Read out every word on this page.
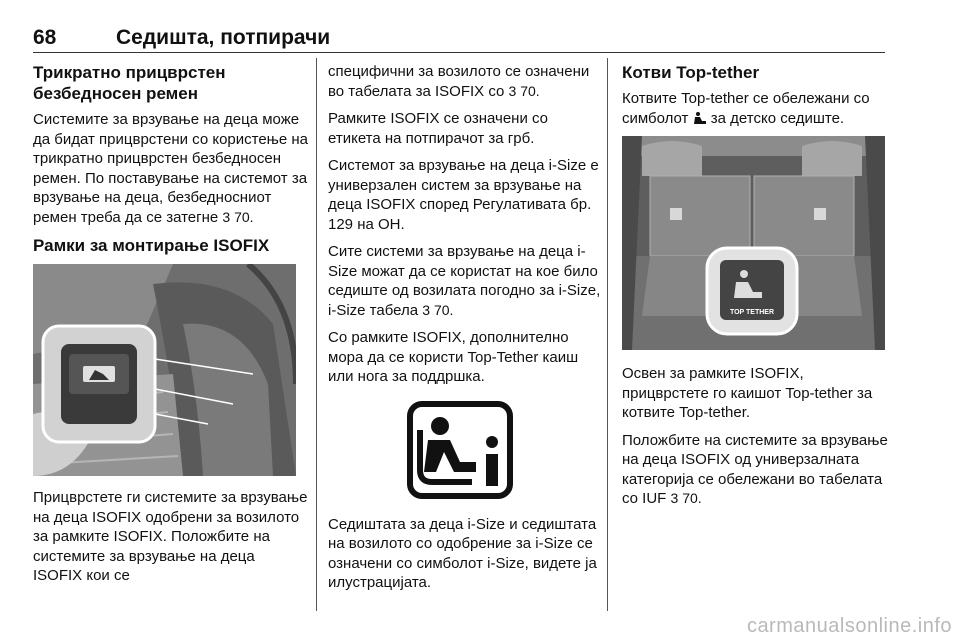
68	Седишта, потпирачи
Трикратно прицврстен безбедносен ремен

Системите за врзување на деца може да бидат прицврстени со користење на трикратно прицврстен безбедносен ремен. По поставување на системот за врзување на деца, безбедносниот ремен треба да се затегне 3 70.

Рамки за монтирање ISOFIX

Прицврстете ги системите за врзување на деца ISOFIX одобрени за возилото за рамките ISOFIX. Положбите на системите за врзување на деца ISOFIX кои се

специфични за возилото се означени во табелата за ISOFIX со 3 70.

Рамките ISOFIX се означени со етикета на потпирачот за грб.

Системот за врзување на деца i-Size е универзален систем за врзување на деца ISOFIX според Регулативата бр. 129 на ОН.

Сите системи за врзување на деца i-Size можат да се користат на кое било седиште од возилата погодно за i-Size, i-Size табела 3 70.

Со рамките ISOFIX, дополнително мора да се користи Top-Tether каиш или нога за поддршка.

Седиштата за деца i-Size и седиштата на возилото со одобрение за i-Size се означени со симболот i-Size, видете ја илустрацијата.

Котви Top-tether

Котвите Top-tether се обележани со симболот за детско седиште.

TOP TETHER

Освен за рамките ISOFIX, прицврстете го каишот Top-tether за котвите Top-tether.

Положбите на системите за врзување на деца ISOFIX од универзалната категорија се обележани во табелата со IUF 3 70.

carmanualsonline.info
